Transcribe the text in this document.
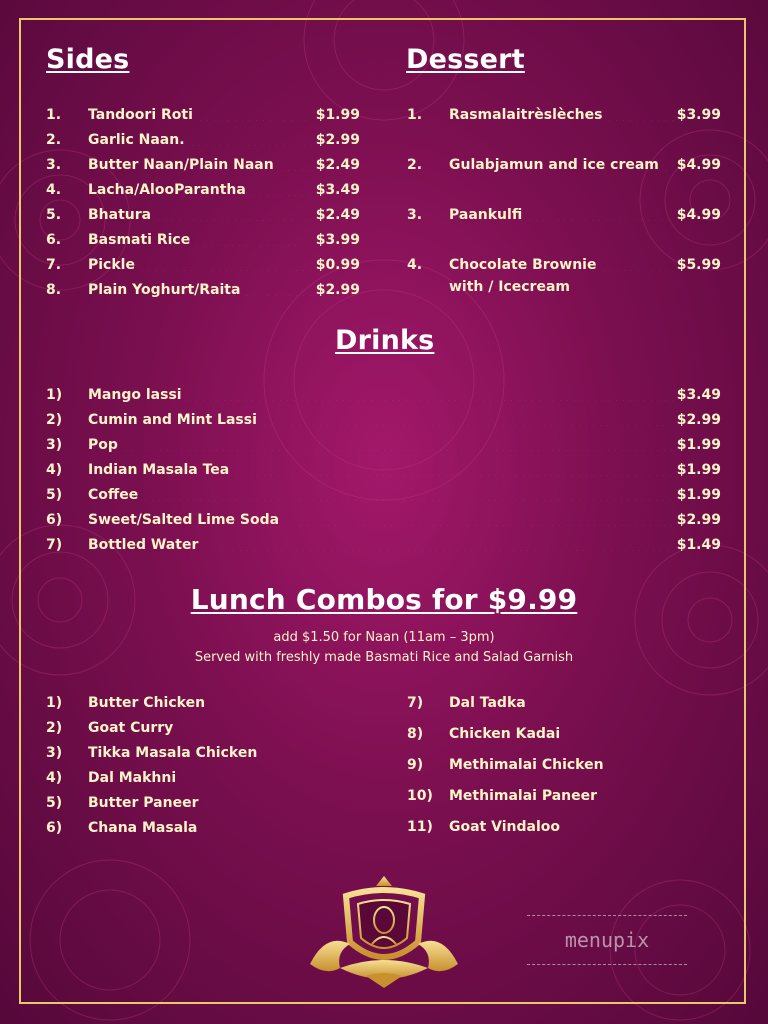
Sides
1.	Tandoori Roti	$1.99
2.	Garlic Naan.	$2.99
3.	Butter Naan/Plain Naan	$2.49
4.	Lacha/AlooParantha	$3.49
5.	Bhatura	$2.49
6.	Basmati Rice	$3.99
7.	Pickle	$0.99
8.	Plain Yoghurt/Raita	$2.99
Dessert
1.	Rasmalaitrèslèches	$3.99
2.	Gulabjamun and ice cream $4.99
3.	Paankulfi	$4.99
4.	Chocolate Brownie	$5.99
with / Icecream
Drinks
1)	Mango lassi	$3.49
2)	Cumin and Mint Lassi	$2.99
3)	Pop	$1.99
4)	Indian Masala Tea	$1.99
5)	Coffee	$1.99
6)	Sweet/Salted Lime Soda	$2.99
7)	Bottled Water	$1.49
Lunch Combos for $9.99
add $1.50 for Naan (11am – 3pm)
Served with freshly made Basmati Rice and Salad Garnish
1)	Butter Chicken
2)	Goat Curry
3)	Tikka Masala Chicken
4)	Dal Makhni
5)	Butter Paneer
6)	Chana Masala
7)	Dal Tadka
8)	Chicken Kadai
9)	Methimalai Chicken
10)	Methimalai Paneer
11)	Goat Vindaloo
menupix
